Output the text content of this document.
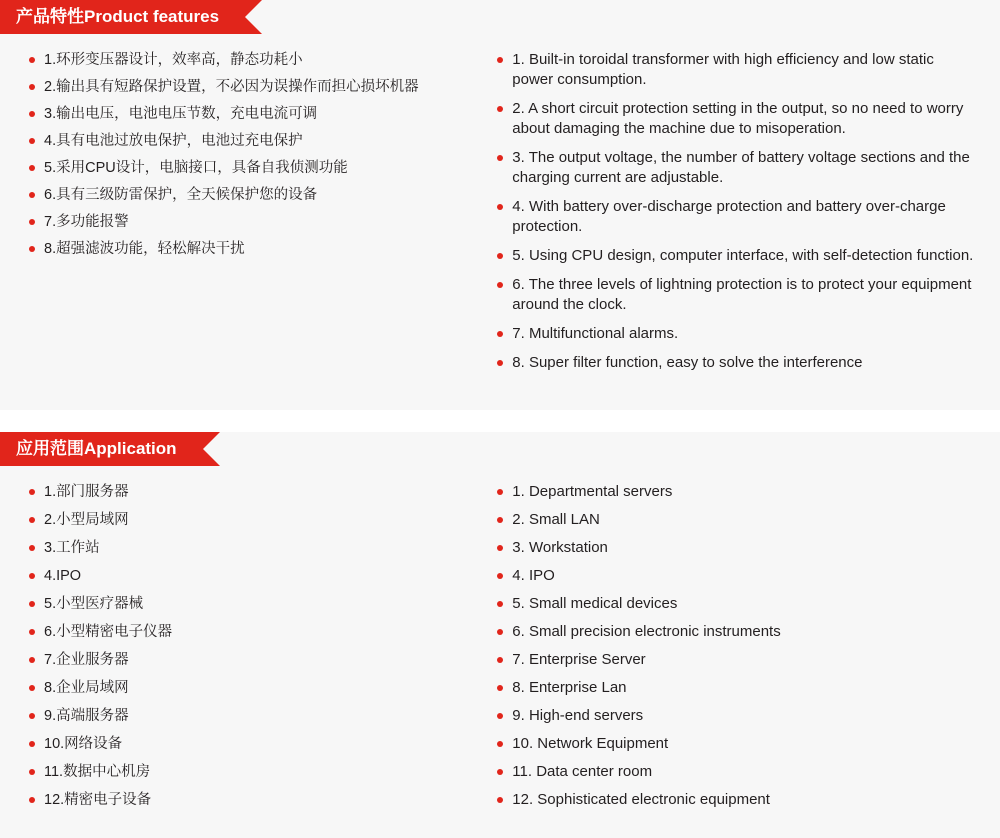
产品特性Product features
1.环形变压器设计，效率高，静态功耗小
2.输出具有短路保护设置，不必因为误操作而担心损坏机器
3.输出电压，电池电压节数，充电电流可调
4.具有电池过放电保护，电池过充电保护
5.采用CPU设计，电脑接口，具备自我侦测功能
6.具有三级防雷保护，全天候保护您的设备
7.多功能报警
8.超强滤波功能，轻松解决干扰
1. Built-in toroidal transformer with high efficiency and low static power consumption.
2. A short circuit protection setting in the output, so no need to worry about damaging the machine due to misoperation.
3. The output voltage, the number of battery voltage sections and the charging current are adjustable.
4. With battery over-discharge protection and battery over-charge protection.
5. Using CPU design, computer interface, with self-detection function.
6. The three levels of lightning protection is to protect your equipment around the clock.
7. Multifunctional alarms.
8. Super filter function, easy to solve the interference
应用范围Application
1.部门服务器
2.小型局域网
3.工作站
4.IPO
5.小型医疗器械
6.小型精密电子仪器
7.企业服务器
8.企业局域网
9.高端服务器
10.网络设备
11.数据中心机房
12.精密电子设备
1. Departmental servers
2. Small LAN
3. Workstation
4. IPO
5. Small medical devices
6. Small precision electronic instruments
7. Enterprise Server
8. Enterprise Lan
9. High-end servers
10. Network Equipment
11. Data center room
12. Sophisticated electronic equipment
